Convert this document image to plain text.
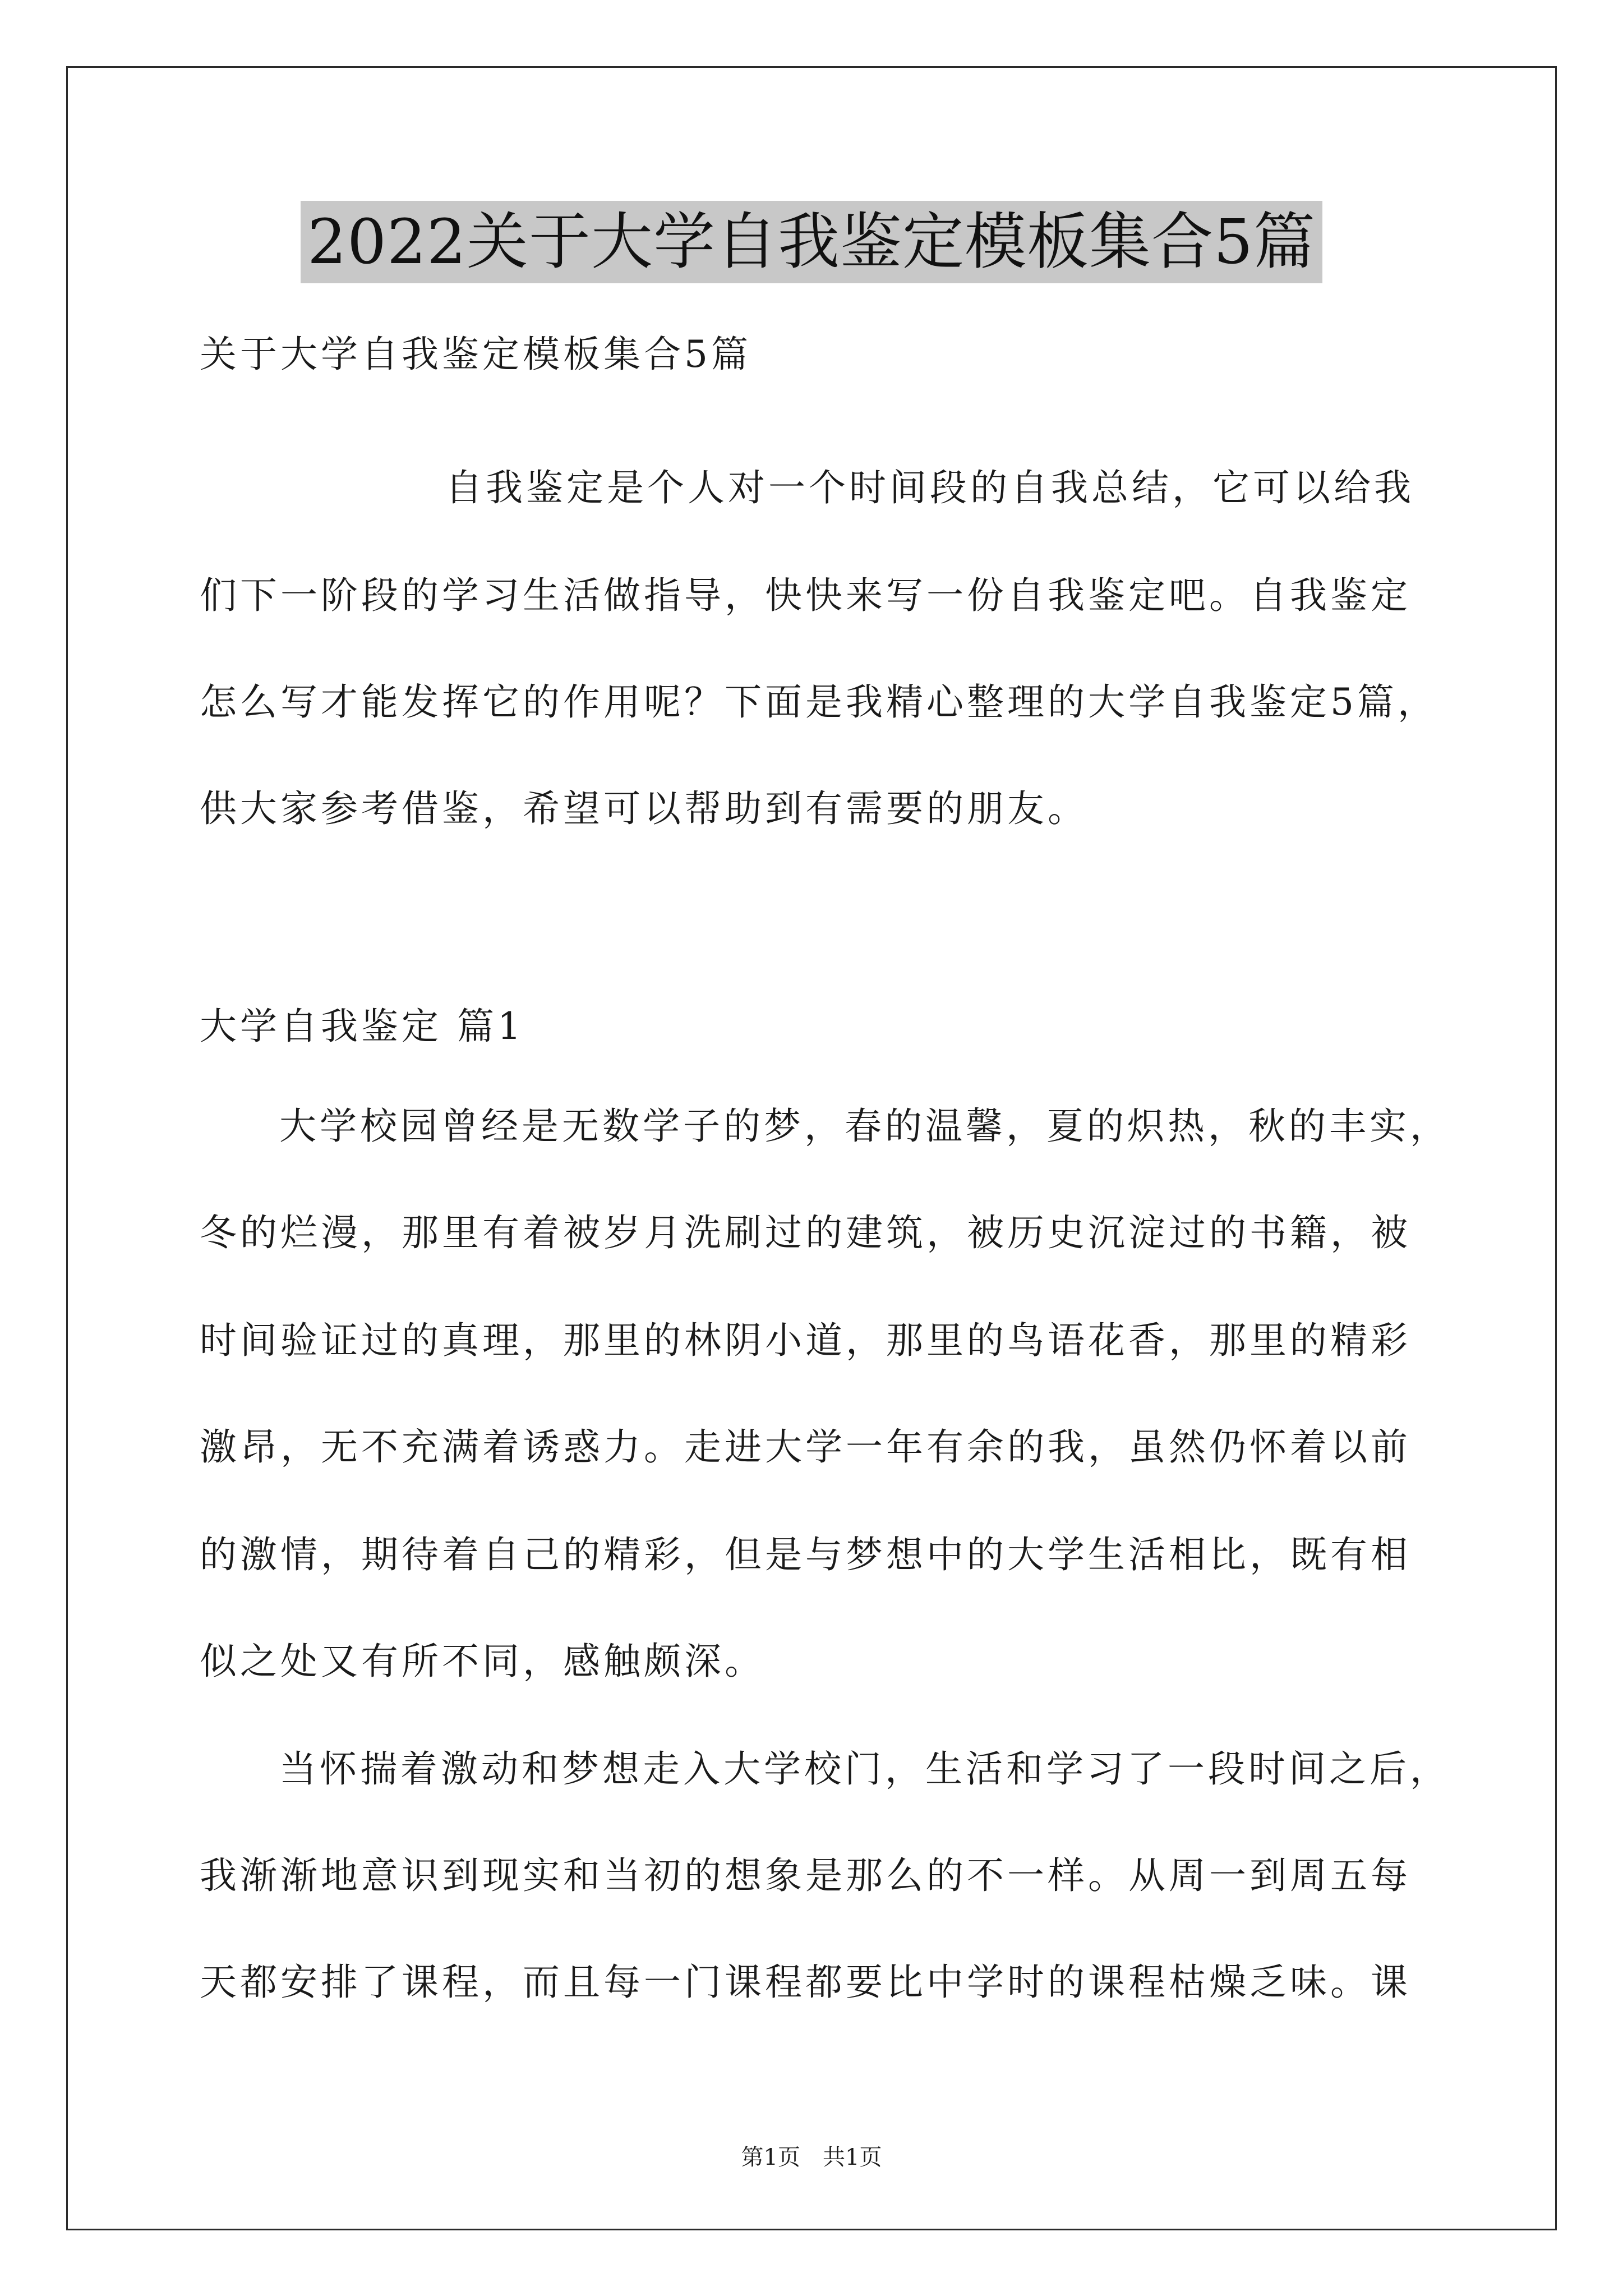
2022关于大学自我鉴定模板集合5篇
关于大学自我鉴定模板集合5篇
自我鉴定是个人对一个时间段的自我总结，它可以给我
们下一阶段的学习生活做指导，快快来写一份自我鉴定吧。自我鉴定
怎么写才能发挥它的作用呢？下面是我精心整理的大学自我鉴定5篇，
供大家参考借鉴，希望可以帮助到有需要的朋友。
大学自我鉴定 篇1
大学校园曾经是无数学子的梦，春的温馨，夏的炽热，秋的丰实，
冬的烂漫，那里有着被岁月洗刷过的建筑，被历史沉淀过的书籍，被
时间验证过的真理，那里的林阴小道，那里的鸟语花香，那里的精彩
激昂，无不充满着诱惑力。走进大学一年有余的我，虽然仍怀着以前
的激情，期待着自己的精彩，但是与梦想中的大学生活相比，既有相
似之处又有所不同，感触颇深。
当怀揣着激动和梦想走入大学校门，生活和学习了一段时间之后，
我渐渐地意识到现实和当初的想象是那么的不一样。从周一到周五每
天都安排了课程，而且每一门课程都要比中学时的课程枯燥乏味。课
第1页 共1页
